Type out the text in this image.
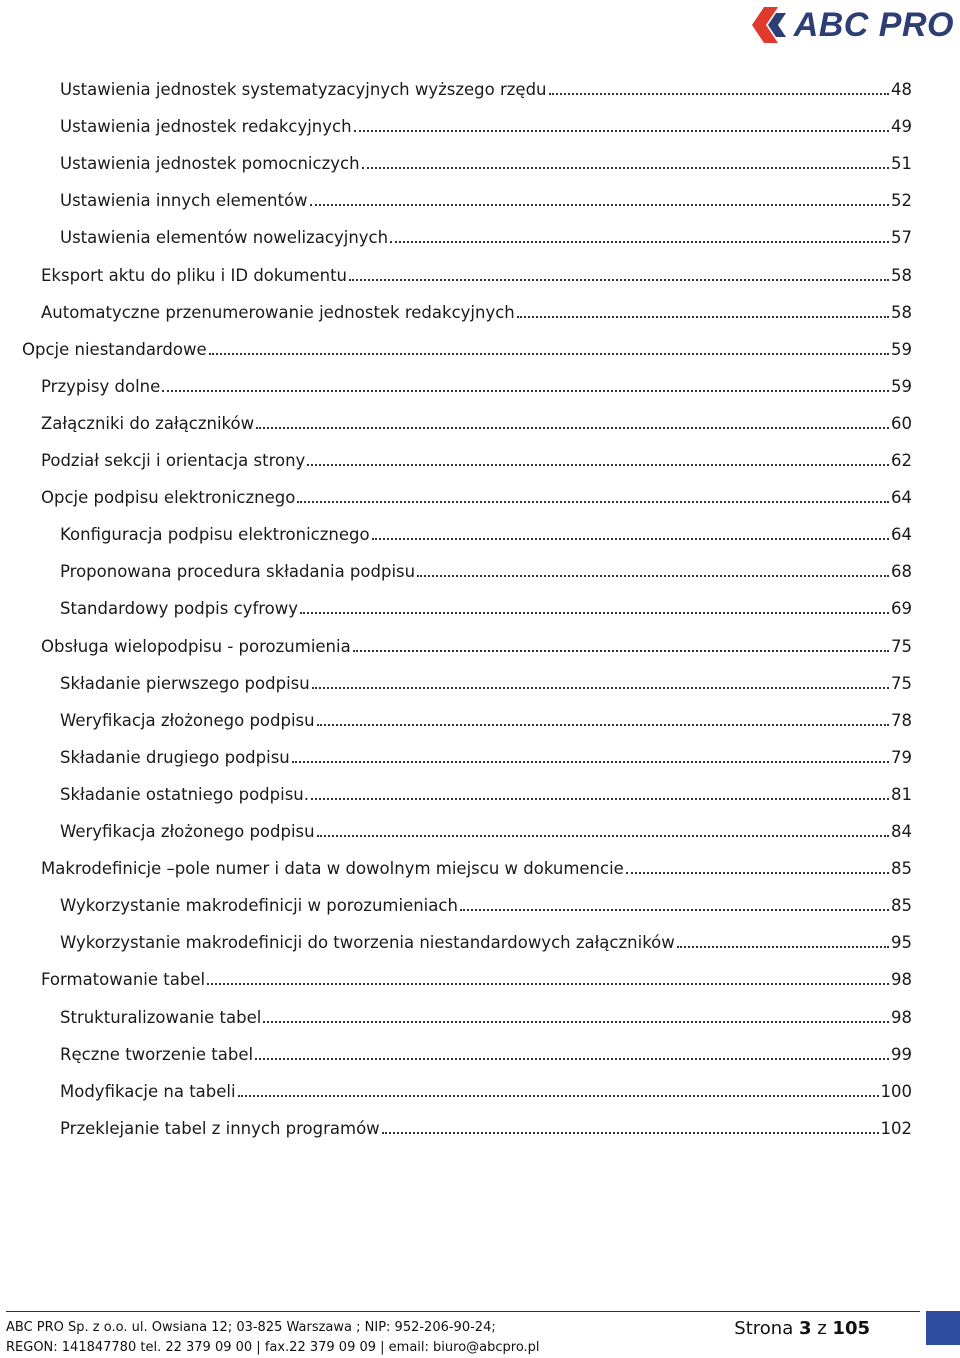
ABC PRO
Ustawienia jednostek systematyzacyjnych wyższego rzędu	48
Ustawienia jednostek redakcyjnych	49
Ustawienia jednostek pomocniczych	51
Ustawienia innych elementów	52
Ustawienia elementów nowelizacyjnych	57
Eksport aktu do pliku i ID dokumentu	58
Automatyczne przenumerowanie jednostek redakcyjnych	58
Opcje niestandardowe	59
Przypisy dolne	59
Załączniki do załączników	60
Podział sekcji i orientacja strony	62
Opcje podpisu elektronicznego	64
Konfiguracja podpisu elektronicznego	64
Proponowana procedura składania podpisu	68
Standardowy podpis cyfrowy	69
Obsługa wielopodpisu - porozumienia	75
Składanie pierwszego podpisu	75
Weryfikacja złożonego podpisu	78
Składanie drugiego podpisu	79
Składanie ostatniego podpisu.	81
Weryfikacja złożonego podpisu	84
Makrodefinicje –pole numer i data w dowolnym miejscu w dokumencie	85
Wykorzystanie makrodefinicji w porozumieniach	85
Wykorzystanie makrodefinicji do tworzenia niestandardowych załączników	95
Formatowanie tabel	98
Strukturalizowanie tabel	98
Ręczne tworzenie tabel	99
Modyfikacje na tabeli	100
Przeklejanie tabel z innych programów	102
ABC PRO Sp. z o.o. ul. Owsiana 12; 03-825 Warszawa ; NIP: 952-206-90-24;
REGON: 141847780 tel. 22 379 09 00 | fax.22 379 09 09 | email: biuro@abcpro.pl
Strona 3 z 105
